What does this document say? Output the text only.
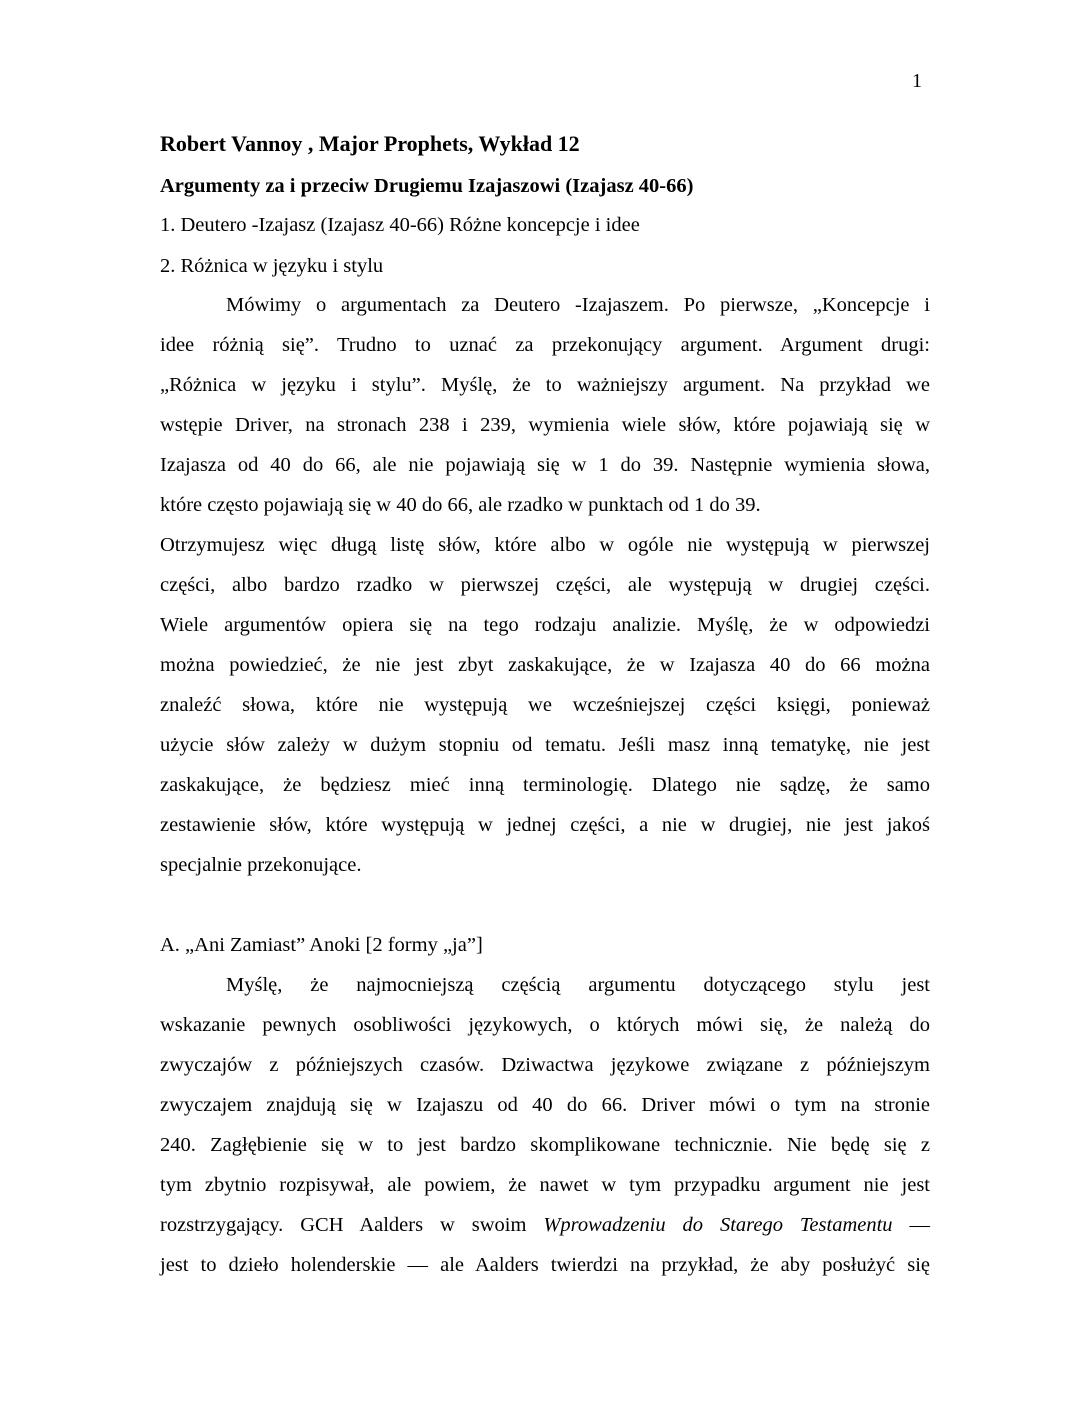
1
Robert Vannoy , Major Prophets, Wykład 12
Argumenty za i przeciw Drugiemu Izajaszowi (Izajasz 40-66)
1. Deutero -Izajasz (Izajasz 40-66) Różne koncepcje i idee
2. Różnica w języku i stylu
Mówimy o argumentach za Deutero -Izajaszem. Po pierwsze, „Koncepcje i
idee różnią się”. Trudno to uznać za przekonujący argument. Argument drugi:
„Różnica w języku i stylu”. Myślę, że to ważniejszy argument. Na przykład we
wstępie Driver, na stronach 238 i 239, wymienia wiele słów, które pojawiają się w
Izajasza od 40 do 66, ale nie pojawiają się w 1 do 39. Następnie wymienia słowa,
które często pojawiają się w 40 do 66, ale rzadko w punktach od 1 do 39.
Otrzymujesz więc długą listę słów, które albo w ogóle nie występują w pierwszej
części, albo bardzo rzadko w pierwszej części, ale występują w drugiej części.
Wiele argumentów opiera się na tego rodzaju analizie. Myślę, że w odpowiedzi
można powiedzieć, że nie jest zbyt zaskakujące, że w Izajasza 40 do 66 można
znaleźć słowa, które nie występują we wcześniejszej części księgi, ponieważ
użycie słów zależy w dużym stopniu od tematu. Jeśli masz inną tematykę, nie jest
zaskakujące, że będziesz mieć inną terminologię. Dlatego nie sądzę, że samo
zestawienie słów, które występują w jednej części, a nie w drugiej, nie jest jakoś
specjalnie przekonujące.
A. „Ani Zamiast” Anoki [2 formy „ja”]
Myślę, że najmocniejszą częścią argumentu dotyczącego stylu jest
wskazanie pewnych osobliwości językowych, o których mówi się, że należą do
zwyczajów z późniejszych czasów. Dziwactwa językowe związane z późniejszym
zwyczajem znajdują się w Izajaszu od 40 do 66. Driver mówi o tym na stronie
240. Zagłębienie się w to jest bardzo skomplikowane technicznie. Nie będę się z
tym zbytnio rozpisywał, ale powiem, że nawet w tym przypadku argument nie jest
rozstrzygający. GCH Aalders w swoim Wprowadzeniu do Starego Testamentu —
jest to dzieło holenderskie — ale Aalders twierdzi na przykład, że aby posłużyć się
